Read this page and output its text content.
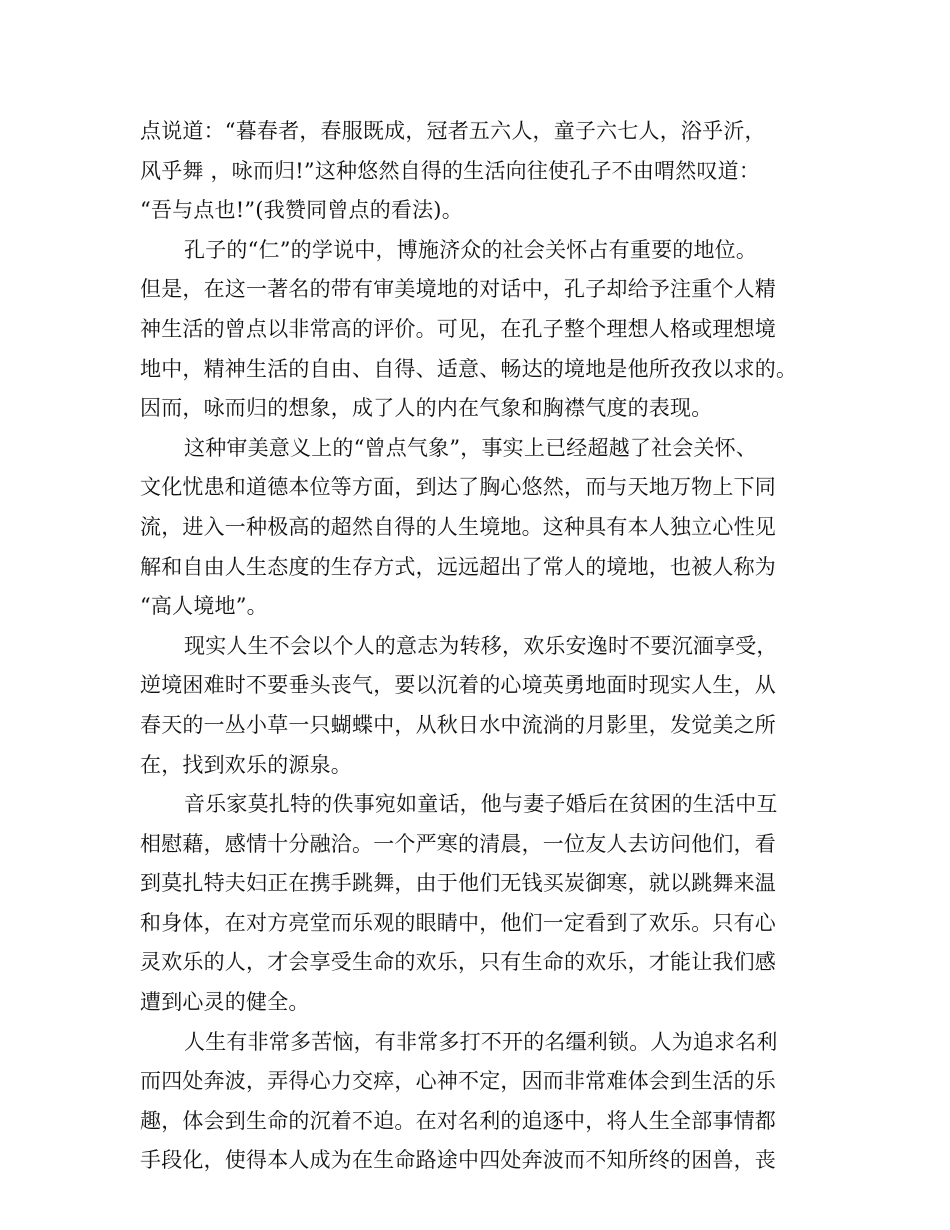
点说道：“暮春者，春服既成，冠者五六人，童子六七人，浴乎沂，
风乎舞 ，咏而归!”这种悠然自得的生活向往使孔子不由喟然叹道：
“吾与点也!”(我赞同曾点的看法)。
孔子的“仁”的学说中，博施济众的社会关怀占有重要的地位。
但是，在这一著名的带有审美境地的对话中，孔子却给予注重个人精
神生活的曾点以非常高的评价。可见，在孔子整个理想人格或理想境
地中，精神生活的自由、自得、适意、畅达的境地是他所孜孜以求的。
因而，咏而归的想象，成了人的内在气象和胸襟气度的表现。
这种审美意义上的“曾点气象”，事实上已经超越了社会关怀、
文化忧患和道德本位等方面，到达了胸心悠然，而与天地万物上下同
流，进入一种极高的超然自得的人生境地。这种具有本人独立心性见
解和自由人生态度的生存方式，远远超出了常人的境地，也被人称为
“高人境地”。
现实人生不会以个人的意志为转移，欢乐安逸时不要沉湎享受，
逆境困难时不要垂头丧气，要以沉着的心境英勇地面时现实人生，从
春天的一丛小草一只蝴蝶中，从秋日水中流淌的月影里，发觉美之所
在，找到欢乐的源泉。
音乐家莫扎特的佚事宛如童话，他与妻子婚后在贫困的生活中互
相慰藉，感情十分融洽。一个严寒的清晨，一位友人去访问他们，看
到莫扎特夫妇正在携手跳舞，由于他们无钱买炭御寒，就以跳舞来温
和身体，在对方亮堂而乐观的眼睛中，他们一定看到了欢乐。只有心
灵欢乐的人，才会享受生命的欢乐，只有生命的欢乐，才能让我们感
遭到心灵的健全。
人生有非常多苦恼，有非常多打不开的名缰利锁。人为追求名利
而四处奔波，弄得心力交瘁，心神不定，因而非常难体会到生活的乐
趣，体会到生命的沉着不迫。在对名利的追逐中，将人生全部事情都
手段化，使得本人成为在生命路途中四处奔波而不知所终的困兽，丧
